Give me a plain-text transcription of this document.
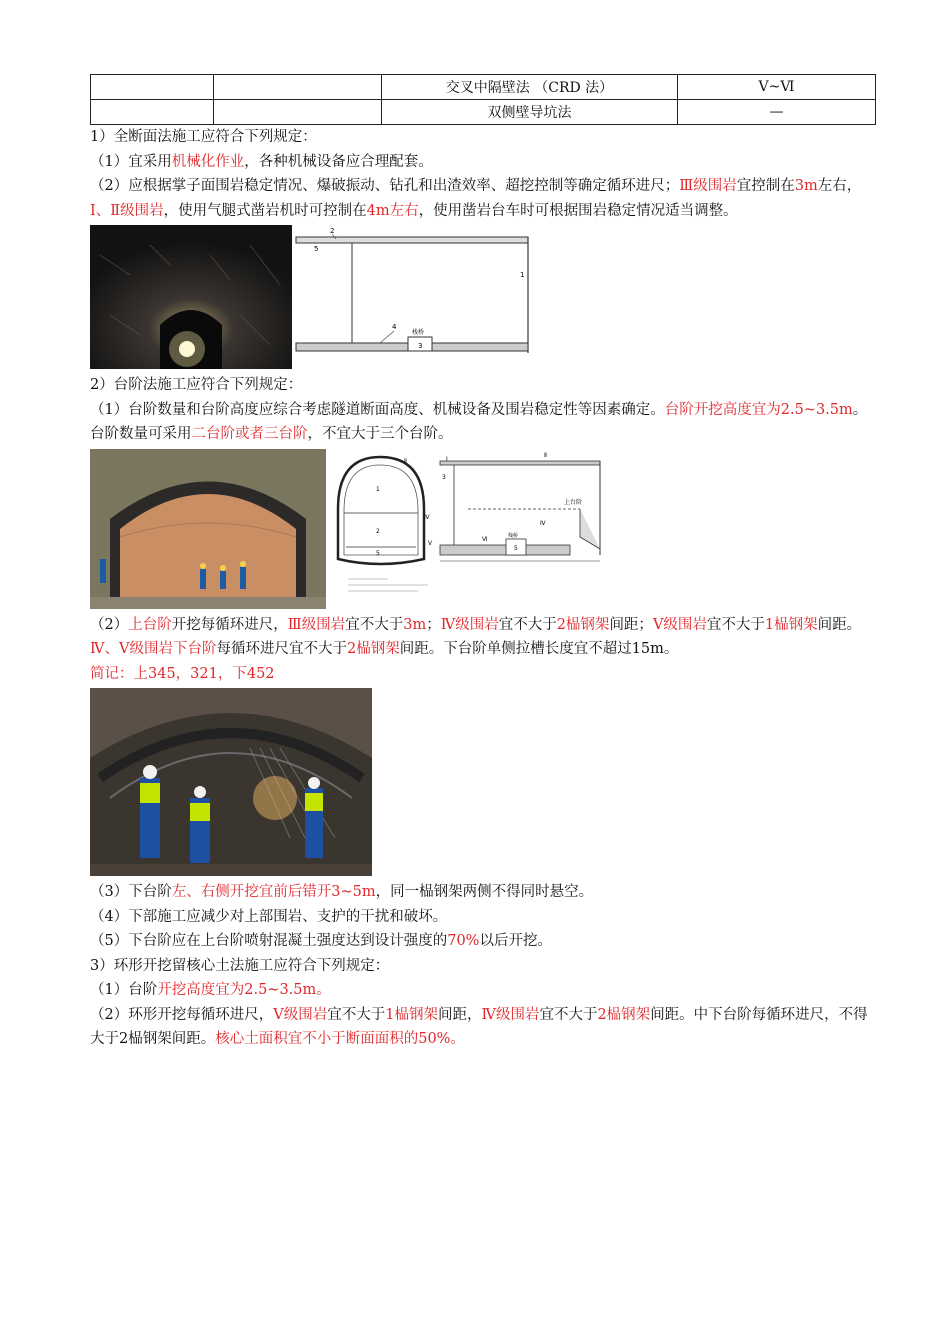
		交叉中隔壁法 （CRD 法）	Ⅴ~Ⅵ
		双侧壁导坑法	—

1）全断面法施工应符合下列规定：

（1）宜采用机械化作业，各种机械设备应合理配套。

（2）应根据掌子面围岩稳定情况、爆破振动、钻孔和出渣效率、超挖控制等确定循环进尺；Ⅲ级围岩宜控制在3m左右，Ⅰ、Ⅱ级围岩，使用气腿式凿岩机时可控制在4m左右，使用凿岩台车时可根据围岩稳定情况适当调整。

3
2
5
1
4
栈桥

2）台阶法施工应符合下列规定：

（1）台阶数量和台阶高度应综合考虑隧道断面高度、机械设备及围岩稳定性等因素确定。台阶开挖高度宜为2.5~3.5m。台阶数量可采用二台阶或者三台阶，不宜大于三个台阶。

1
2
5
Ⅱ
Ⅳ
Ⅴ
5
Ⅳ
Ⅰ
Ⅱ
上台阶
Ⅵ	栈桥
3

（2）上台阶开挖每循环进尺，Ⅲ级围岩宜不大于3m；Ⅳ级围岩宜不大于2榀钢架间距；Ⅴ级围岩宜不大于1榀钢架间距。Ⅳ、Ⅴ级围岩下台阶每循环进尺宜不大于2榀钢架间距。下台阶单侧拉槽长度宜不超过15m。

简记：上345，321，下452

（3）下台阶左、右侧开挖宜前后错开3~5m，同一榀钢架两侧不得同时悬空。

（4）下部施工应减少对上部围岩、支护的干扰和破坏。

（5）下台阶应在上台阶喷射混凝土强度达到设计强度的70%以后开挖。

3）环形开挖留核心土法施工应符合下列规定：

（1）台阶开挖高度宜为2.5~3.5m。

（2）环形开挖每循环进尺，Ⅴ级围岩宜不大于1榀钢架间距，Ⅳ级围岩宜不大于2榀钢架间距。中下台阶每循环进尺，不得大于2榀钢架间距。核心土面积宜不小于断面面积的50%。
